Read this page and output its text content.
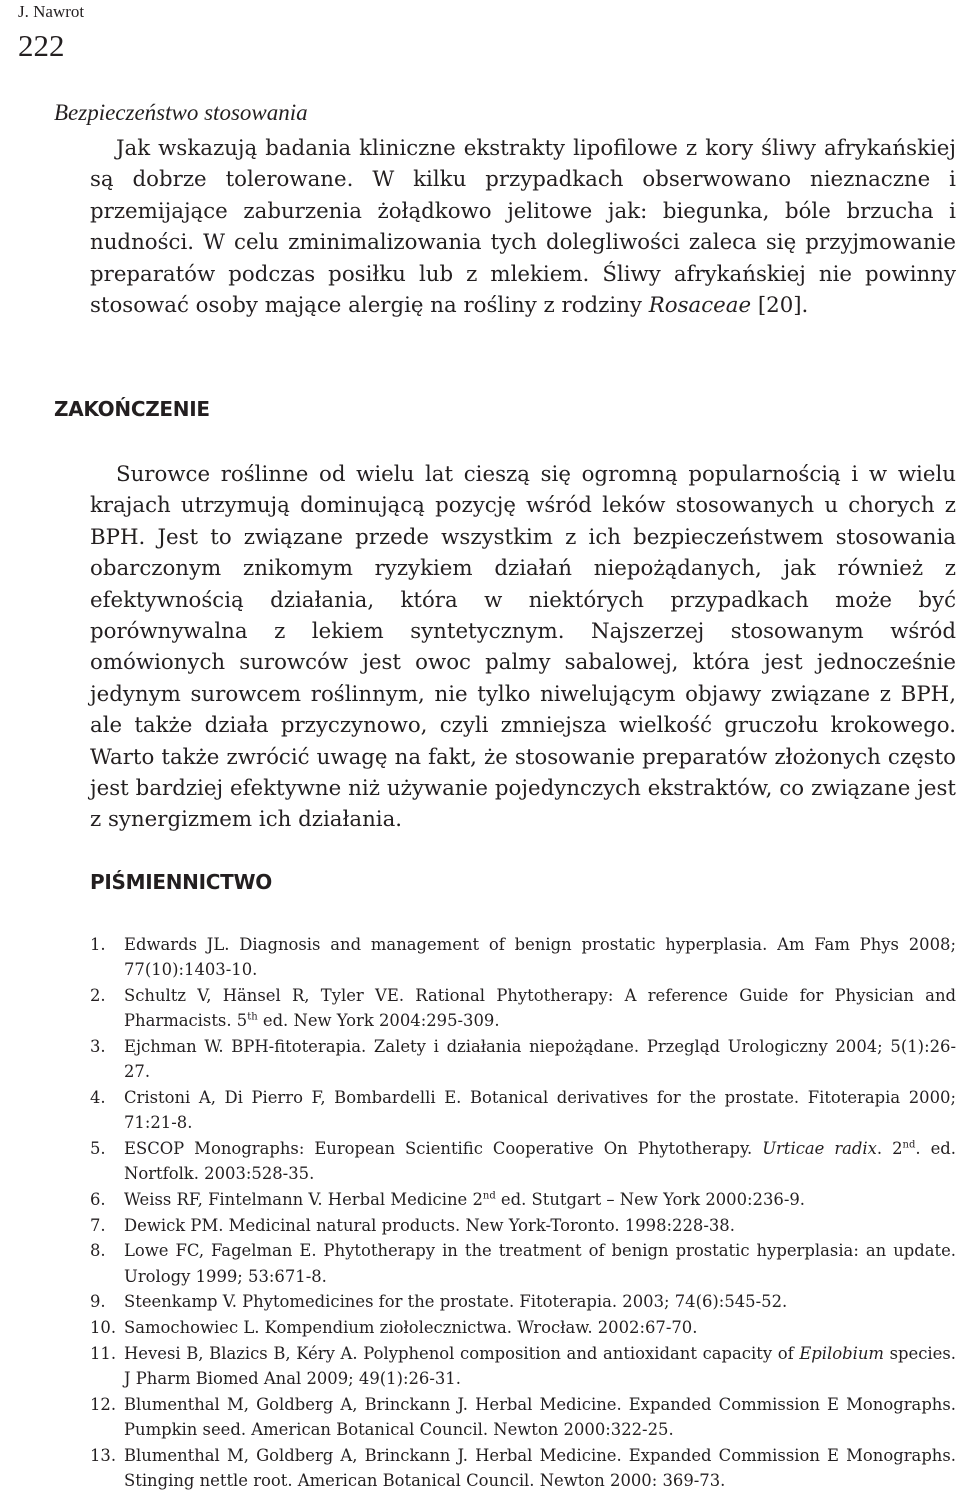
J. Nawrot
222
Bezpieczeństwo stosowania

Jak wskazują badania kliniczne ekstrakty lipofilowe z kory śliwy afrykańskiej są dobrze tolerowane. W kilku przypadkach obserwowano nieznaczne i przemijające zaburzenia żołądkowo jelitowe jak: biegunka, bóle brzucha i nudności. W celu zminimalizowania tych dolegliwości zaleca się przyjmowanie preparatów podczas posiłku lub z mlekiem. Śliwy afrykańskiej nie powinny stosować osoby mające alergię na rośliny z rodziny Rosaceae [20].

ZAKOŃCZENIE

Surowce roślinne od wielu lat cieszą się ogromną popularnością i w wielu krajach utrzymują dominującą pozycję wśród leków stosowanych u chorych z BPH. Jest to związane przede wszystkim z ich bezpieczeństwem stosowania obarczonym znikomym ryzykiem działań niepożądanych, jak również z efektywnością działania, która w niektórych przypadkach może być porównywalna z lekiem syntetycznym. Najszerzej stosowanym wśród omówionych surowców jest owoc palmy sabalowej, która jest jednocześnie jedynym surowcem roślinnym, nie tylko niwelującym objawy związane z BPH, ale także działa przyczynowo, czyli zmniejsza wielkość gruczołu krokowego. Warto także zwrócić uwagę na fakt, że stosowanie preparatów złożonych często jest bardziej efektywne niż używanie pojedynczych ekstraktów, co związane jest z synergizmem ich działania.

PIŚMIENNICTWO
1. Edwards JL. Diagnosis and management of benign prostatic hyperplasia. Am Fam Phys 2008; 77(10):1403-10.
2. Schultz V, Hänsel R, Tyler VE. Rational Phytotherapy: A reference Guide for Physician and Pharmacists. 5th ed. New York 2004:295-309.
3. Ejchman W. BPH-fitoterapia. Zalety i działania niepożądane. Przegląd Urologiczny 2004; 5(1):26-27.
4. Cristoni A, Di Pierro F, Bombardelli E. Botanical derivatives for the prostate. Fitoterapia 2000; 71:21-8.
5. ESCOP Monographs: European Scientific Cooperative On Phytotherapy. Urticae radix. 2nd. ed. Nortfolk. 2003:528-35.
6. Weiss RF, Fintelmann V. Herbal Medicine 2nd ed. Stutgart – New York 2000:236-9.
7. Dewick PM. Medicinal natural products. New York-Toronto. 1998:228-38.
8. Lowe FC, Fagelman E. Phytotherapy in the treatment of benign prostatic hyperplasia: an update. Urology 1999; 53:671-8.
9. Steenkamp V. Phytomedicines for the prostate. Fitoterapia. 2003; 74(6):545-52.
10. Samochowiec L. Kompendium ziołolecznictwa. Wrocław. 2002:67-70.
11. Hevesi B, Blazics B, Kéry A. Polyphenol composition and antioxidant capacity of Epilobium species. J Pharm Biomed Anal 2009; 49(1):26-31.
12. Blumenthal M, Goldberg A, Brinckann J. Herbal Medicine. Expanded Commission E Monographs. Pumpkin seed. American Botanical Council. Newton 2000:322-25.
13. Blumenthal M, Goldberg A, Brinckann J. Herbal Medicine. Expanded Commission E Monographs. Stinging nettle root. American Botanical Council. Newton 2000: 369-73.
